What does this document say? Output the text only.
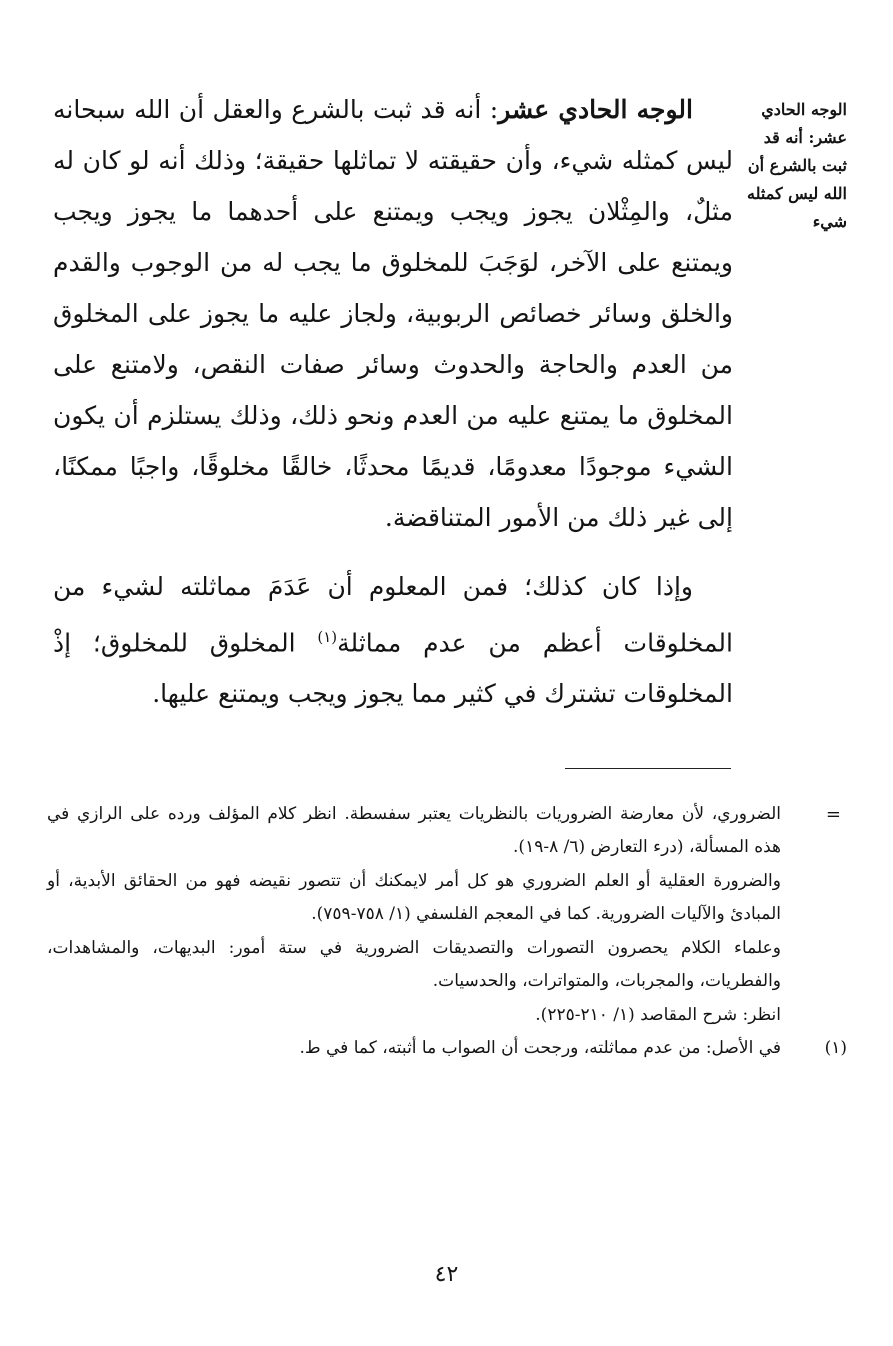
الوجه الحادي عشر: أنه قد ثبت بالشرع أن الله ليس كمثله شيء

الوجه الحادي عشر: أنه قد ثبت بالشرع والعقل أن الله سبحانه ليس كمثله شيء، وأن حقيقته لا تماثلها حقيقة؛ وذلك أنه لو كان له مثلٌ، والمِثْلان يجوز ويجب ويمتنع على أحدهما ما يجوز ويجب ويمتنع على الآخر، لوَجَبَ للمخلوق ما يجب له من الوجوب والقدم والخلق وسائر خصائص الربوبية، ولجاز عليه ما يجوز على المخلوق من العدم والحاجة والحدوث وسائر صفات النقص، ولامتنع على المخلوق ما يمتنع عليه من العدم ونحو ذلك، وذلك يستلزم أن يكون الشيء موجودًا معدومًا، قديمًا محدثًا، خالقًا مخلوقًا، واجبًا ممكنًا، إلى غير ذلك من الأمور المتناقضة.

وإذا كان كذلك؛ فمن المعلوم أن عَدَمَ مماثلته لشيء من المخلوقات أعظم من عدم مماثلة$^{(١)}$ المخلوق للمخلوق؛ إذْ المخلوقات تشترك في كثير مما يجوز ويجب ويمتنع عليها.

=

الضروري، لأن معارضة الضروريات بالنظريات يعتبر سفسطة. انظر كلام المؤلف ورده على الرازي في هذه المسألة، (درء التعارض (٦/ ٨-١٩).

والضرورة العقلية أو العلم الضروري هو كل أمر لايمكنك أن تتصور نقيضه فهو من الحقائق الأبدية، أو المبادئ والآليات الضرورية. كما في المعجم الفلسفي (١/ ٧٥٨-٧٥٩).

وعلماء الكلام يحصرون التصورات والتصديقات الضرورية في ستة أمور: البديهات، والمشاهدات، والفطريات، والمجربات، والمتواترات، والحدسيات.

انظر: شرح المقاصد (١/ ٢١٠-٢٢٥).

(١)
في الأصل: من عدم مماثلته، ورجحت أن الصواب ما أثبته، كما في ط.
٤٢
